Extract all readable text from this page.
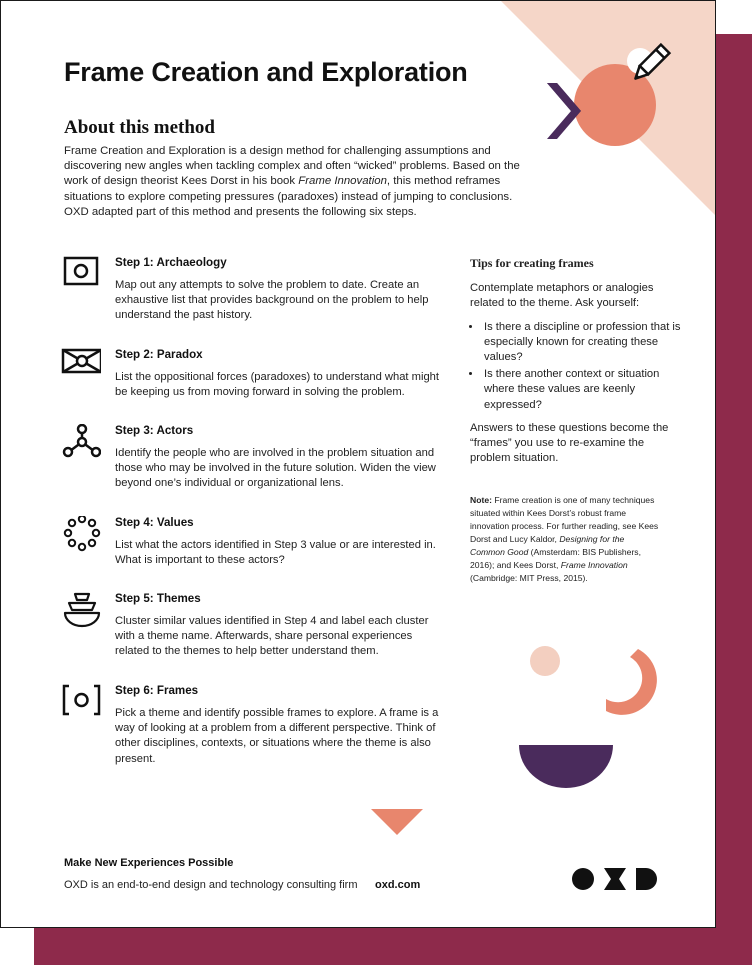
Frame Creation and Exploration
About this method

Frame Creation and Exploration is a design method for challenging assumptions and discovering new angles when tackling complex and often “wicked” problems. Based on the work of design theorist Kees Dorst in his book Frame Innovation, this method reframes situations to explore competing pressures (paradoxes) instead of jumping to conclusions. OXD adapted part of this method and presents the following six steps.

Step 1: Archaeology

Map out any attempts to solve the problem to date. Create an exhaustive list that provides background on the problem to help understand the past history.

Step 2: Paradox

List the oppositional forces (paradoxes) to understand what might be keeping us from moving forward in solving the problem.

Step 3: Actors

Identify the people who are involved in the problem situation and those who may be involved in the future solution. Widen the view beyond one’s individual or organizational lens.

Step 4: Values

List what the actors identified in Step 3 value or are interested in. What is important to these actors?

Step 5: Themes

Cluster similar values identified in Step 4 and label each cluster with a theme name. Afterwards, share personal experiences related to the themes to help better understand them.

Step 6: Frames

Pick a theme and identify possible frames to explore. A frame is a way of looking at a problem from a different perspective. Think of other disciplines, contexts, or situations where the theme is also present.

Tips for creating frames

Contemplate metaphors or analogies related to the theme. Ask yourself:

• Is there a discipline or profession that is especially known for creating these values?
• Is there another context or situation where these values are keenly expressed?

Answers to these questions become the “frames” you use to re-examine the problem situation.

Note: Frame creation is one of many techniques situated within Kees Dorst’s robust frame innovation process. For further reading, see Kees Dorst and Lucy Kaldor, Designing for the Common Good (Amsterdam: BIS Publishers, 2016); and Kees Dorst, Frame Innovation (Cambridge: MIT Press, 2015).

Make New Experiences Possible
OXD is an end-to-end design and technology consulting firm oxd.com
